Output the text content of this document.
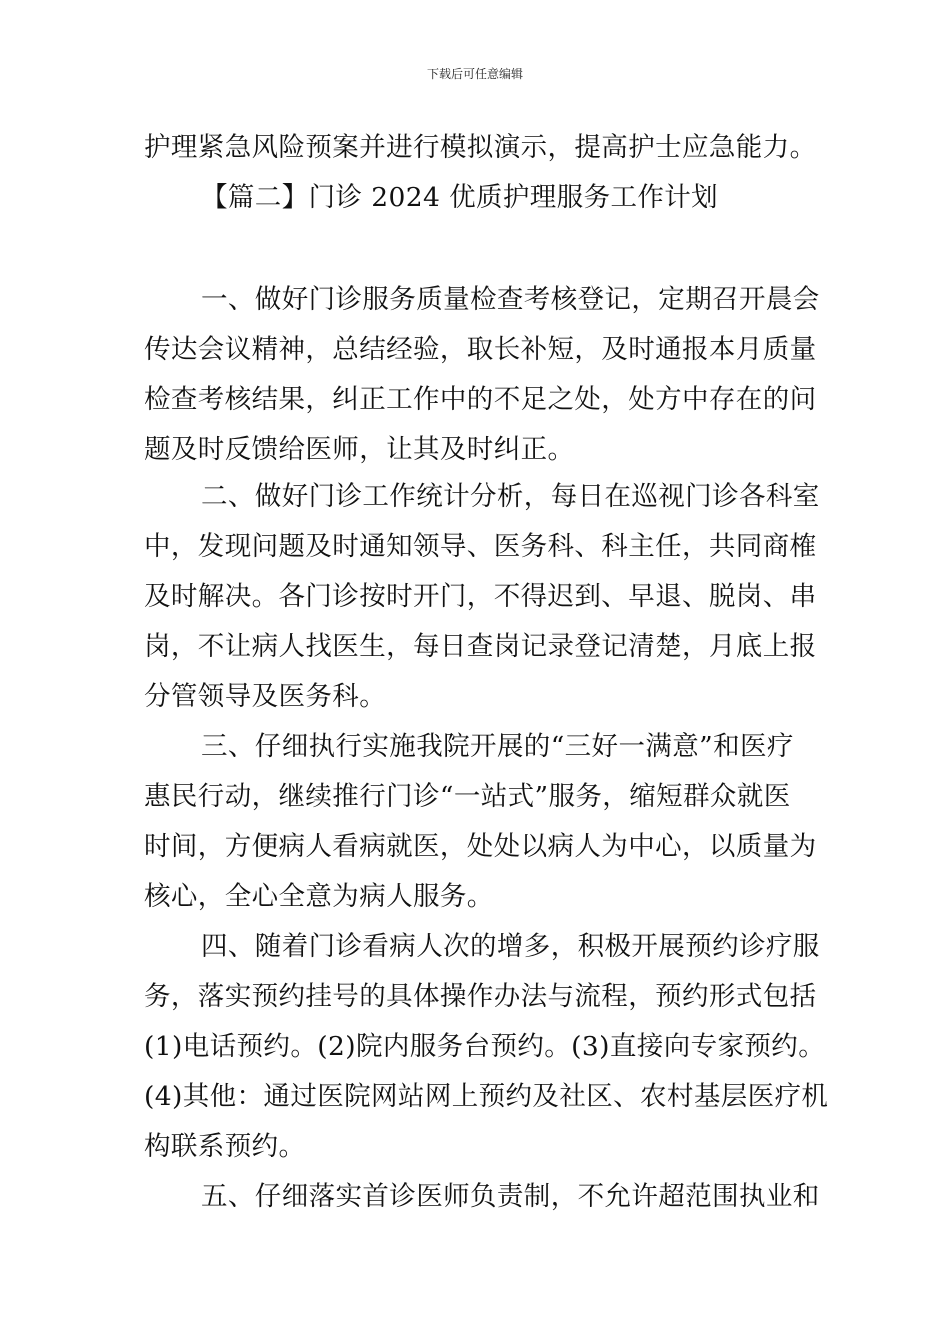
下载后可任意编辑
护理紧急风险预案并进行模拟演示，提高护士应急能力。
【篇二】门诊 2024 优质护理服务工作计划
一、做好门诊服务质量检查考核登记，定期召开晨会
传达会议精神，总结经验，取长补短，及时通报本月质量
检查考核结果，纠正工作中的不足之处，处方中存在的问
题及时反馈给医师，让其及时纠正。
二、做好门诊工作统计分析，每日在巡视门诊各科室
中，发现问题及时通知领导、医务科、科主任，共同商榷
及时解决。各门诊按时开门，不得迟到、早退、脱岗、串
岗，不让病人找医生，每日查岗记录登记清楚，月底上报
分管领导及医务科。
三、仔细执行实施我院开展的“三好一满意”和医疗
惠民行动，继续推行门诊“一站式”服务，缩短群众就医
时间，方便病人看病就医，处处以病人为中心，以质量为
核心，全心全意为病人服务。
四、随着门诊看病人次的增多，积极开展预约诊疗服
务，落实预约挂号的具体操作办法与流程，预约形式包括
(1)电话预约。(2)院内服务台预约。(3)直接向专家预约。
(4)其他：通过医院网站网上预约及社区、农村基层医疗机
构联系预约。
五、仔细落实首诊医师负责制，不允许超范围执业和
